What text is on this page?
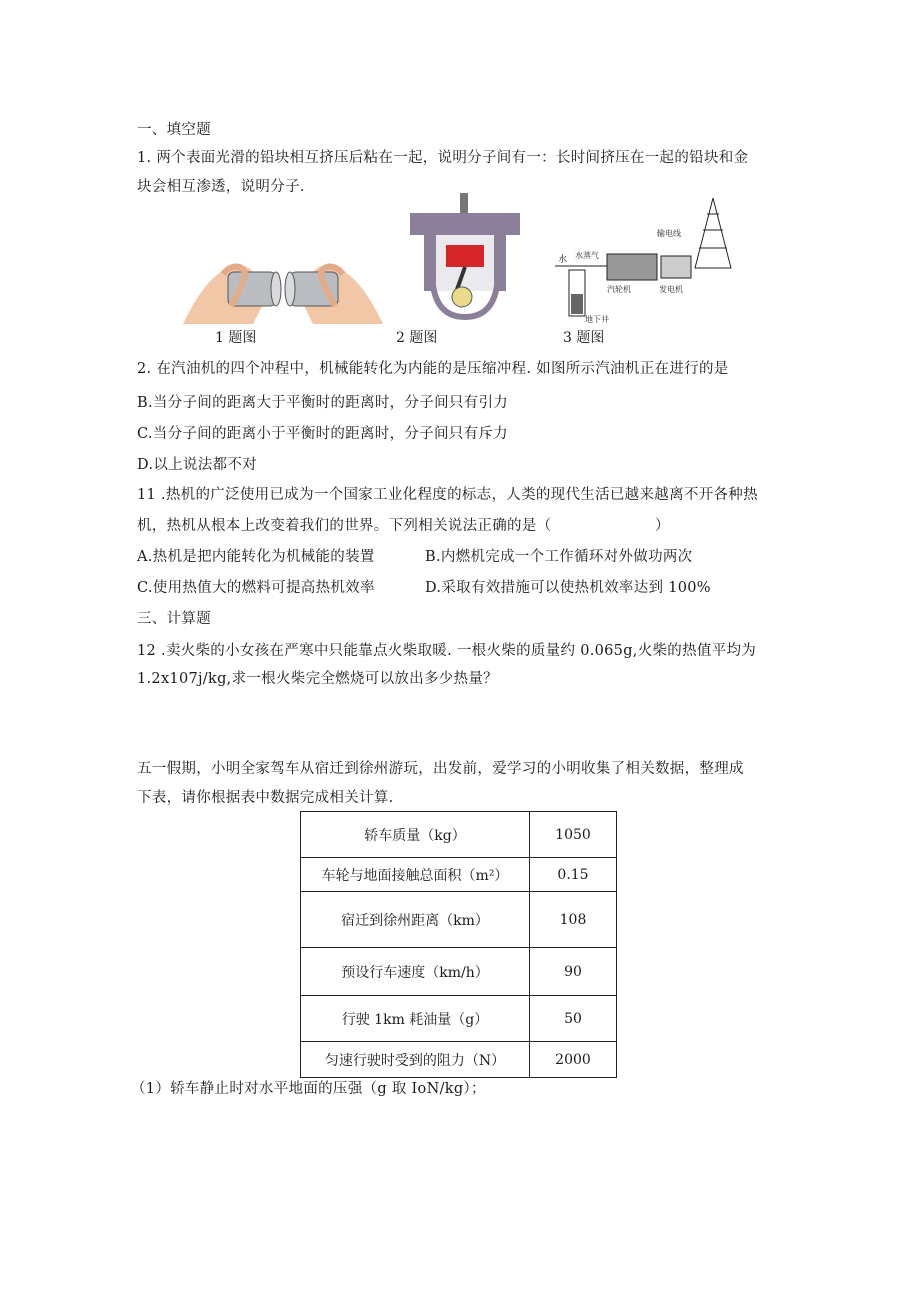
一、填空题
1. 两个表面光滑的铅块相互挤压后粘在一起，说明分子间有一：长时间挤压在一起的铅块和金
块会相互渗透，说明分子.
水 水蒸气
地下井
汽轮机	发电机
输电线
1 题图	2 题图	3 题图
2. 在汽油机的四个冲程中，机械能转化为内能的是压缩冲程. 如图所示汽油机正在进行的是
B.当分子间的距离大于平衡时的距离时，分子间只有引力
C.当分子间的距离小于平衡时的距离时，分子间只有斥力
D.以上说法都不对
11 .热机的广泛使用已成为一个国家工业化程度的标志，人类的现代生活已越来越离不开各种热
机，热机从根本上改变着我们的世界。下列相关说法正确的是（　　　　　　　）
A.热机是把内能转化为机械能的装置	B.内燃机完成一个工作循环对外做功两次
C.使用热值大的燃料可提高热机效率	D.采取有效措施可以使热机效率达到 100%
三、计算题
12 .卖火柴的小女孩在严寒中只能靠点火柴取暖. 一根火柴的质量约 0.065g,火柴的热值平均为
1.2x107j/kg,求一根火柴完全燃烧可以放出多少热量？
五一假期，小明全家驾车从宿迁到徐州游玩，出发前，爱学习的小明收集了相关数据，整理成
下表，请你根据表中数据完成相关计算.
轿车质量（kg）	1050
车轮与地面接触总面积（m²）	0.15
宿迁到徐州距离（km）	108
预设行车速度（km/h）	90
行驶 1km 耗油量（g）	50
匀速行驶时受到的阻力（N）	2000
（1）轿车静止时对水平地面的压强（g 取 IoN/kg）；
